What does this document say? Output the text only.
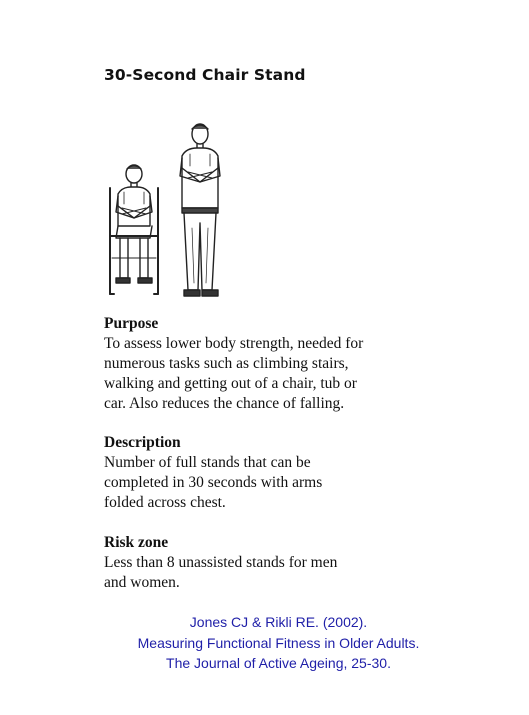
30-Second Chair Stand
Purpose
To assess lower body strength, needed for
numerous tasks such as climbing stairs,
walking and getting out of a chair, tub or
car. Also reduces the chance of falling.
Description
Number of full stands that can be
completed in 30 seconds with arms
folded across chest.
Risk zone
Less than 8 unassisted stands for men
and women.
Jones CJ & Rikli RE. (2002).
Measuring Functional Fitness in Older Adults.
The Journal of Active Ageing, 25-30.
